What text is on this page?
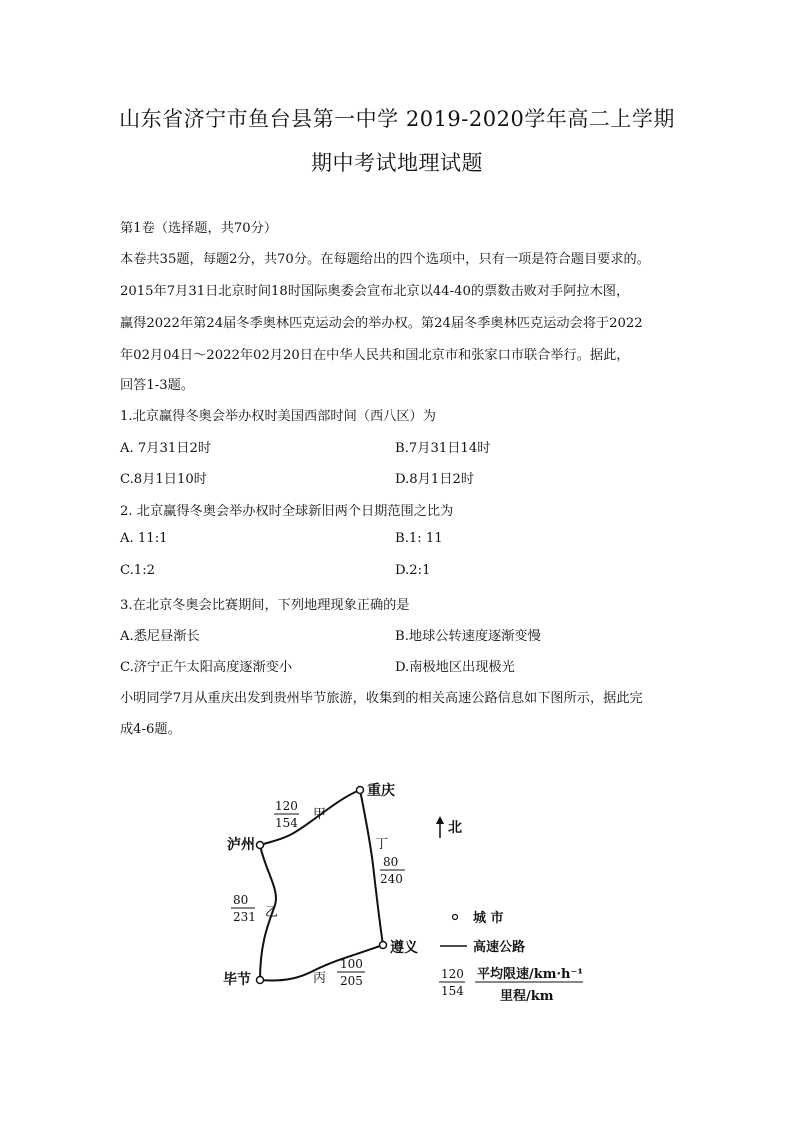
山东省济宁市鱼台县第一中学 2019-2020学年高二上学期
期中考试地理试题
第1卷（选择题，共70分）
本卷共35题，每题2分，共70分。在每题给出的四个选项中，只有一项是符合题目要求的。
2015年7月31日北京时间18时国际奥委会宣布北京以44-40的票数击败对手阿拉木图，
赢得2022年第24届冬季奥林匹克运动会的举办权。第24届冬季奥林匹克运动会将于2022
年02月04日～2022年02月20日在中华人民共和国北京市和张家口市联合举行。据此，
回答1-3题。
1.北京赢得冬奥会举办权时美国西部时间（西八区）为
A. 7月31日2时	B.7月31日14时
C.8月1日10时	D.8月1日2时
2. 北京赢得冬奥会举办权时全球新旧两个日期范围之比为
A. 11:1	B.1: 11
C.1:2	D.2:1
3.在北京冬奥会比赛期间，下列地理现象正确的是
A.悉尼昼渐长	B.地球公转速度逐渐变慢
C.济宁正午太阳高度逐渐变小	D.南极地区出现极光
小明同学7月从重庆出发到贵州毕节旅游，收集到的相关高速公路信息如下图所示，据此完
成4-6题。
重庆
泸州
遵义
毕节
甲
120
154
丁
80
240
乙
80
231
丙
100
205
北
城 市
高速公路
120
154
平均限速/km·h⁻¹
里程/km
